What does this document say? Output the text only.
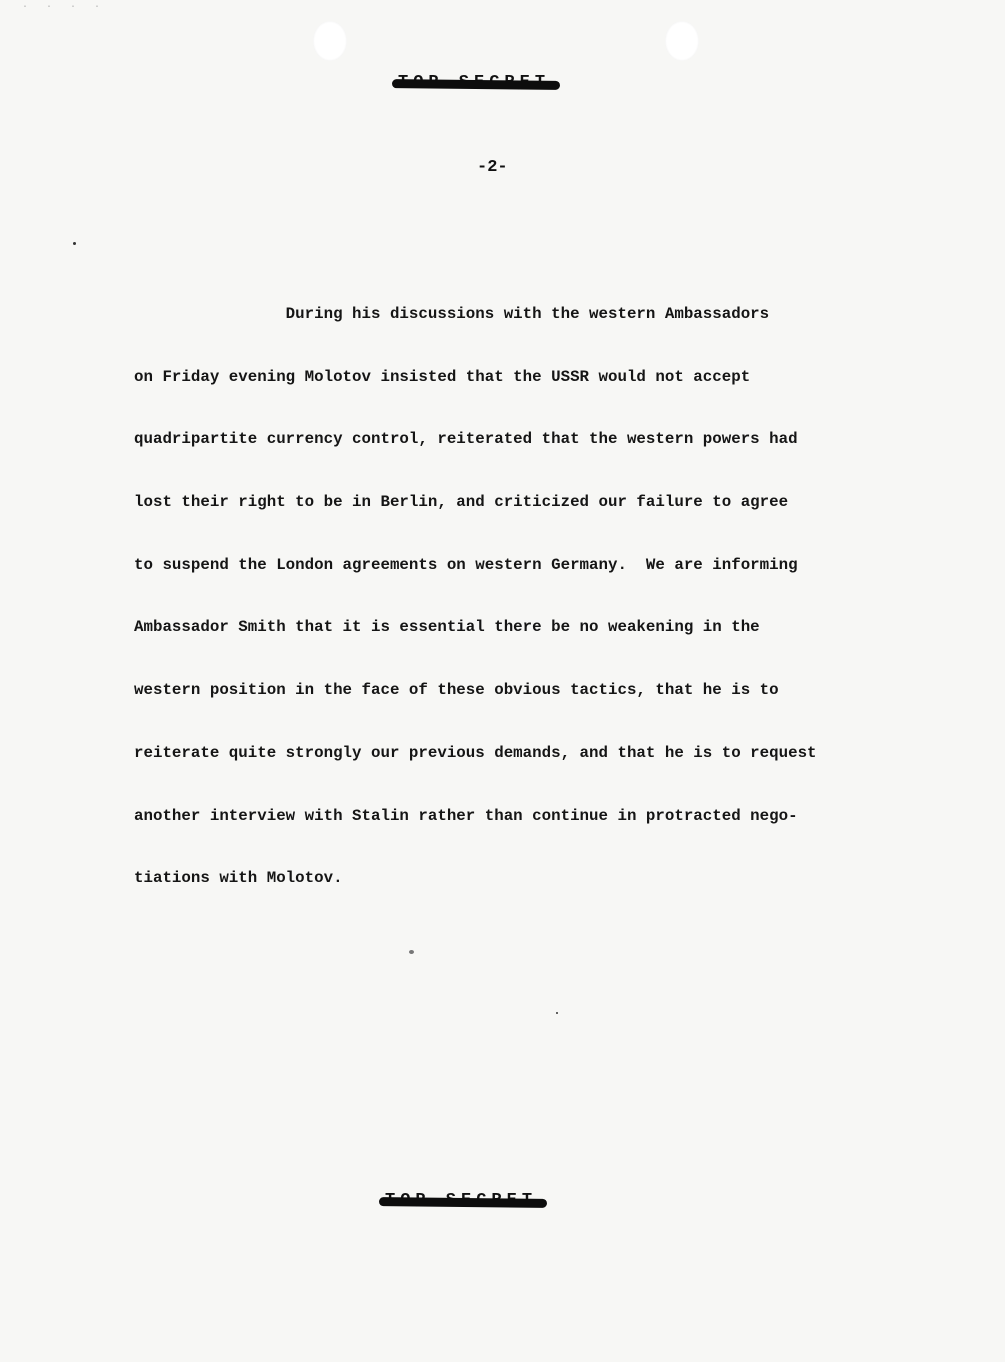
· · · ·
-2-

During his discussions with the western Ambassadors

on Friday evening Molotov insisted that the USSR would not accept

quadripartite currency control, reiterated that the western powers had

lost their right to be in Berlin, and criticized our failure to agree

to suspend the London agreements on western Germany.  We are informing

Ambassador Smith that it is essential there be no weakening in the

western position in the face of these obvious tactics, that he is to

reiterate quite strongly our previous demands, and that he is to request

another interview with Stalin rather than continue in protracted nego-

tiations with Molotov.
